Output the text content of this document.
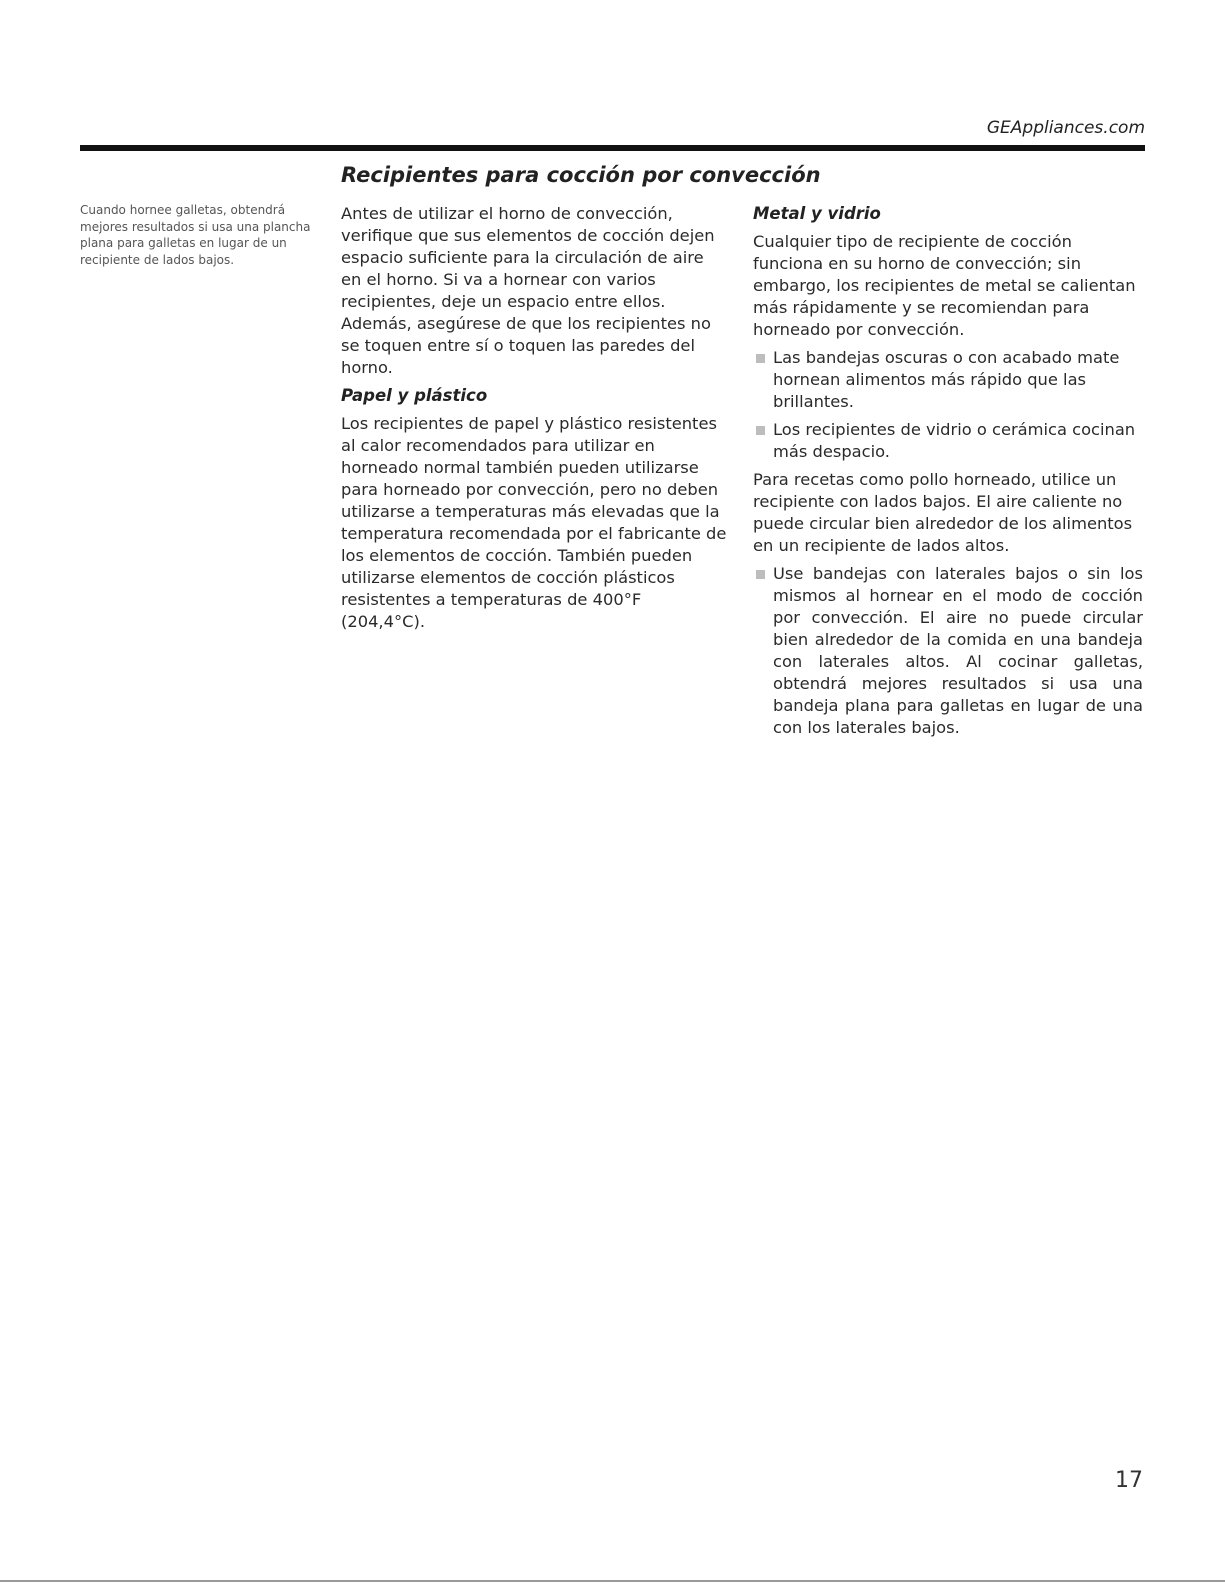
GEAppliances.com
Cuando hornee galletas, obtendrá mejores resultados si usa una plancha plana para galletas en lugar de un recipiente de lados bajos.
Recipientes para cocción por convección

Antes de utilizar el horno de convección, verifique que sus elementos de cocción dejen espacio suficiente para la circulación de aire en el horno. Si va a hornear con varios recipientes, deje un espacio entre ellos. Además, asegúrese de que los recipientes no se toquen entre sí o toquen las paredes del horno.

Papel y plástico

Los recipientes de papel y plástico resistentes al calor recomendados para utilizar en horneado normal también pueden utilizarse para horneado por convección, pero no deben utilizarse a temperaturas más elevadas que la temperatura recomendada por el fabricante de los elementos de cocción. También pueden utilizarse elementos de cocción plásticos resistentes a temperaturas de 400°F (204,4°C).

Metal y vidrio

Cualquier tipo de recipiente de cocción funciona en su horno de convección; sin embargo, los recipientes de metal se calientan más rápidamente y se recomiendan para horneado por convección.

Las bandejas oscuras o con acabado mate hornean alimentos más rápido que las brillantes.
Los recipientes de vidrio o cerámica cocinan más despacio.

Para recetas como pollo horneado, utilice un recipiente con lados bajos. El aire caliente no puede circular bien alrededor de los alimentos en un recipiente de lados altos.

Use bandejas con laterales bajos o sin los mismos al hornear en el modo de cocción por convección. El aire no puede circular bien alrededor de la comida en una bandeja con laterales altos. Al cocinar galletas, obtendrá mejores resultados si usa una bandeja plana para galletas en lugar de una con los laterales bajos.
17
